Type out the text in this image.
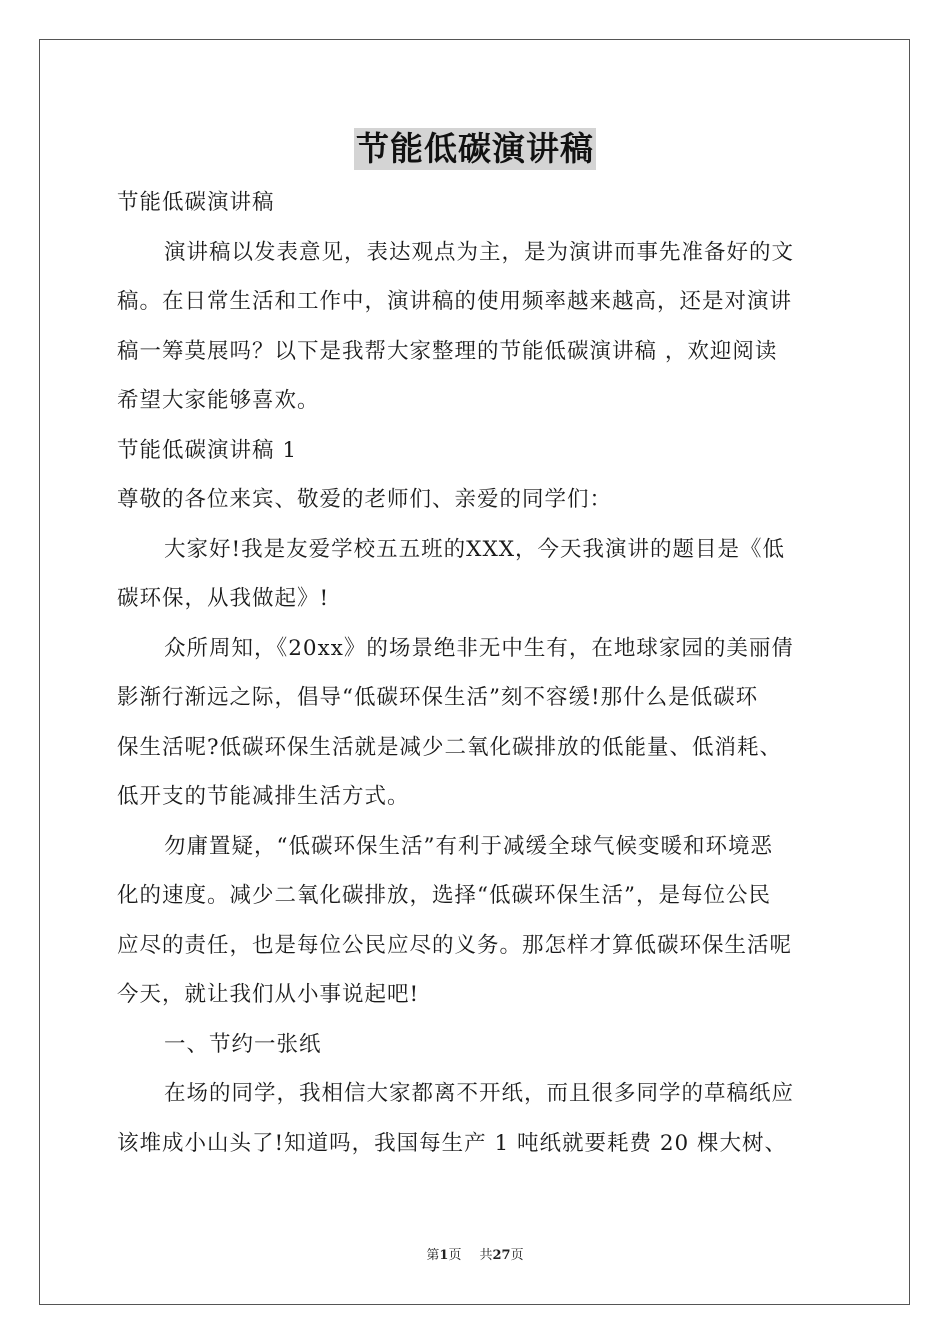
节能低碳演讲稿
节能低碳演讲稿
演讲稿以发表意见，表达观点为主，是为演讲而事先准备好的文
稿。在日常生活和工作中，演讲稿的使用频率越来越高，还是对演讲
稿一筹莫展吗？以下是我帮大家整理的节能低碳演讲稿 ，欢迎阅读
希望大家能够喜欢。
节能低碳演讲稿 1
尊敬的各位来宾、敬爱的老师们、亲爱的同学们：
大家好!我是友爱学校五五班的XXX，今天我演讲的题目是《低
碳环保，从我做起》!
众所周知，《20xx》的场景绝非无中生有，在地球家园的美丽倩
影渐行渐远之际，倡导“低碳环保生活”刻不容缓!那什么是低碳环
保生活呢?低碳环保生活就是减少二氧化碳排放的低能量、低消耗、
低开支的节能减排生活方式。
勿庸置疑，“低碳环保生活”有利于减缓全球气候变暖和环境恶
化的速度。减少二氧化碳排放，选择“低碳环保生活”，是每位公民
应尽的责任，也是每位公民应尽的义务。那怎样才算低碳环保生活呢
今天，就让我们从小事说起吧!
一、节约一张纸
在场的同学，我相信大家都离不开纸，而且很多同学的草稿纸应
该堆成小山头了!知道吗，我国每生产 1 吨纸就要耗费 20 棵大树、
第1页 共27页
